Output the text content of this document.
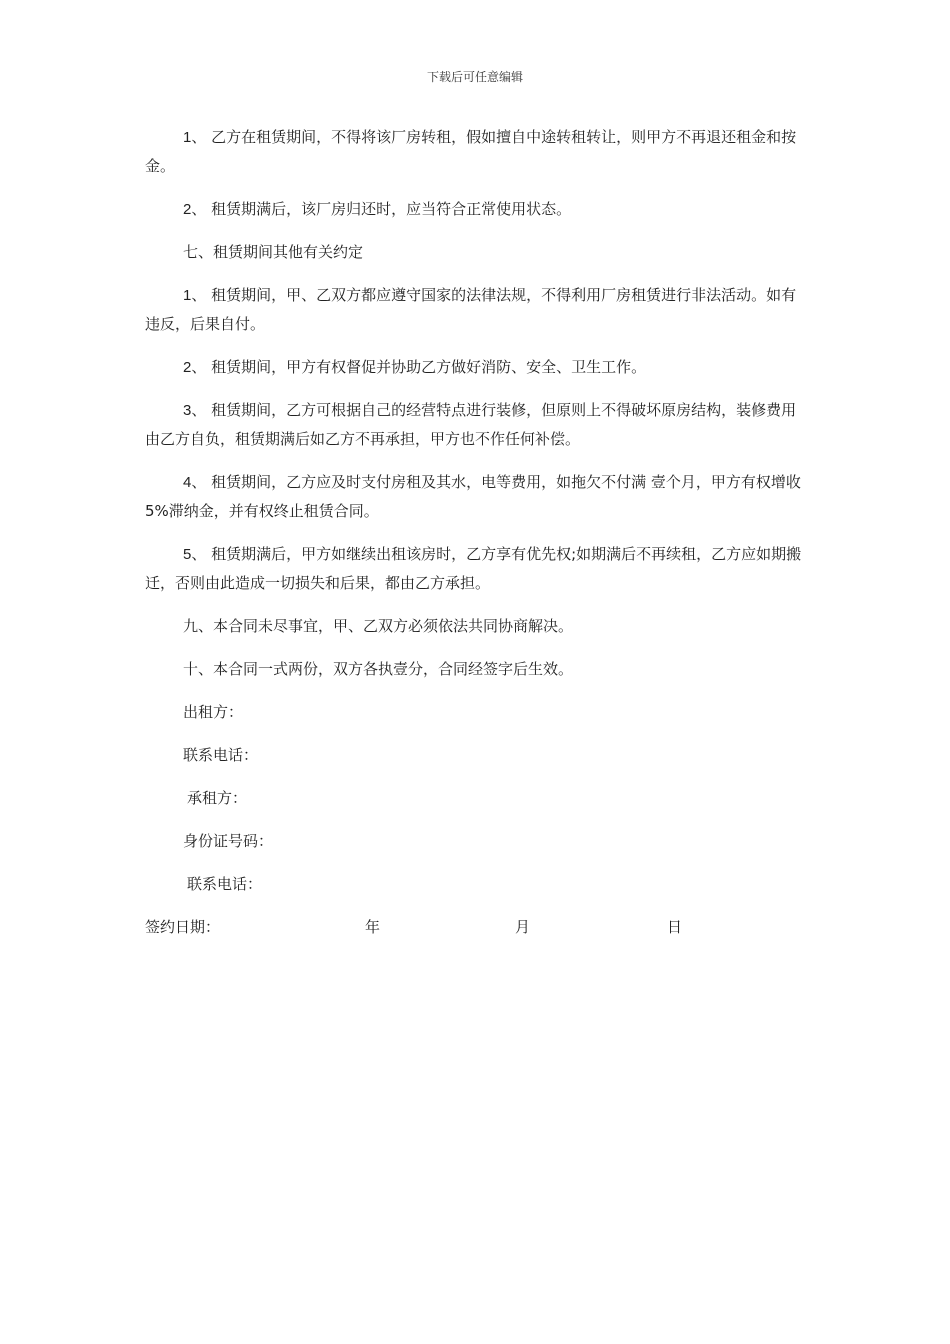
下载后可任意编辑

1、 乙方在租赁期间，不得将该厂房转租，假如擅自中途转租转让，则甲方不再退还租金和按金。

2、 租赁期满后，该厂房归还时，应当符合正常使用状态。

七、租赁期间其他有关约定

1、 租赁期间，甲、乙双方都应遵守国家的法律法规，不得利用厂房租赁进行非法活动。如有违反，后果自付。

2、 租赁期间，甲方有权督促并协助乙方做好消防、安全、卫生工作。

3、 租赁期间，乙方可根据自己的经营特点进行装修，但原则上不得破坏原房结构，装修费用由乙方自负，租赁期满后如乙方不再承担，甲方也不作任何补偿。

4、 租赁期间，乙方应及时支付房租及其水，电等费用，如拖欠不付满 壹个月，甲方有权增收5%滞纳金，并有权终止租赁合同。

5、 租赁期满后，甲方如继续出租该房时，乙方享有优先权;如期满后不再续租，乙方应如期搬迁，否则由此造成一切损失和后果，都由乙方承担。

九、本合同未尽事宜，甲、乙双方必须依法共同协商解决。

十、本合同一式两份，双方各执壹分，合同经签字后生效。

出租方：

联系电话：

承租方：

身份证号码：

联系电话：

签约日期：	年	月	日
